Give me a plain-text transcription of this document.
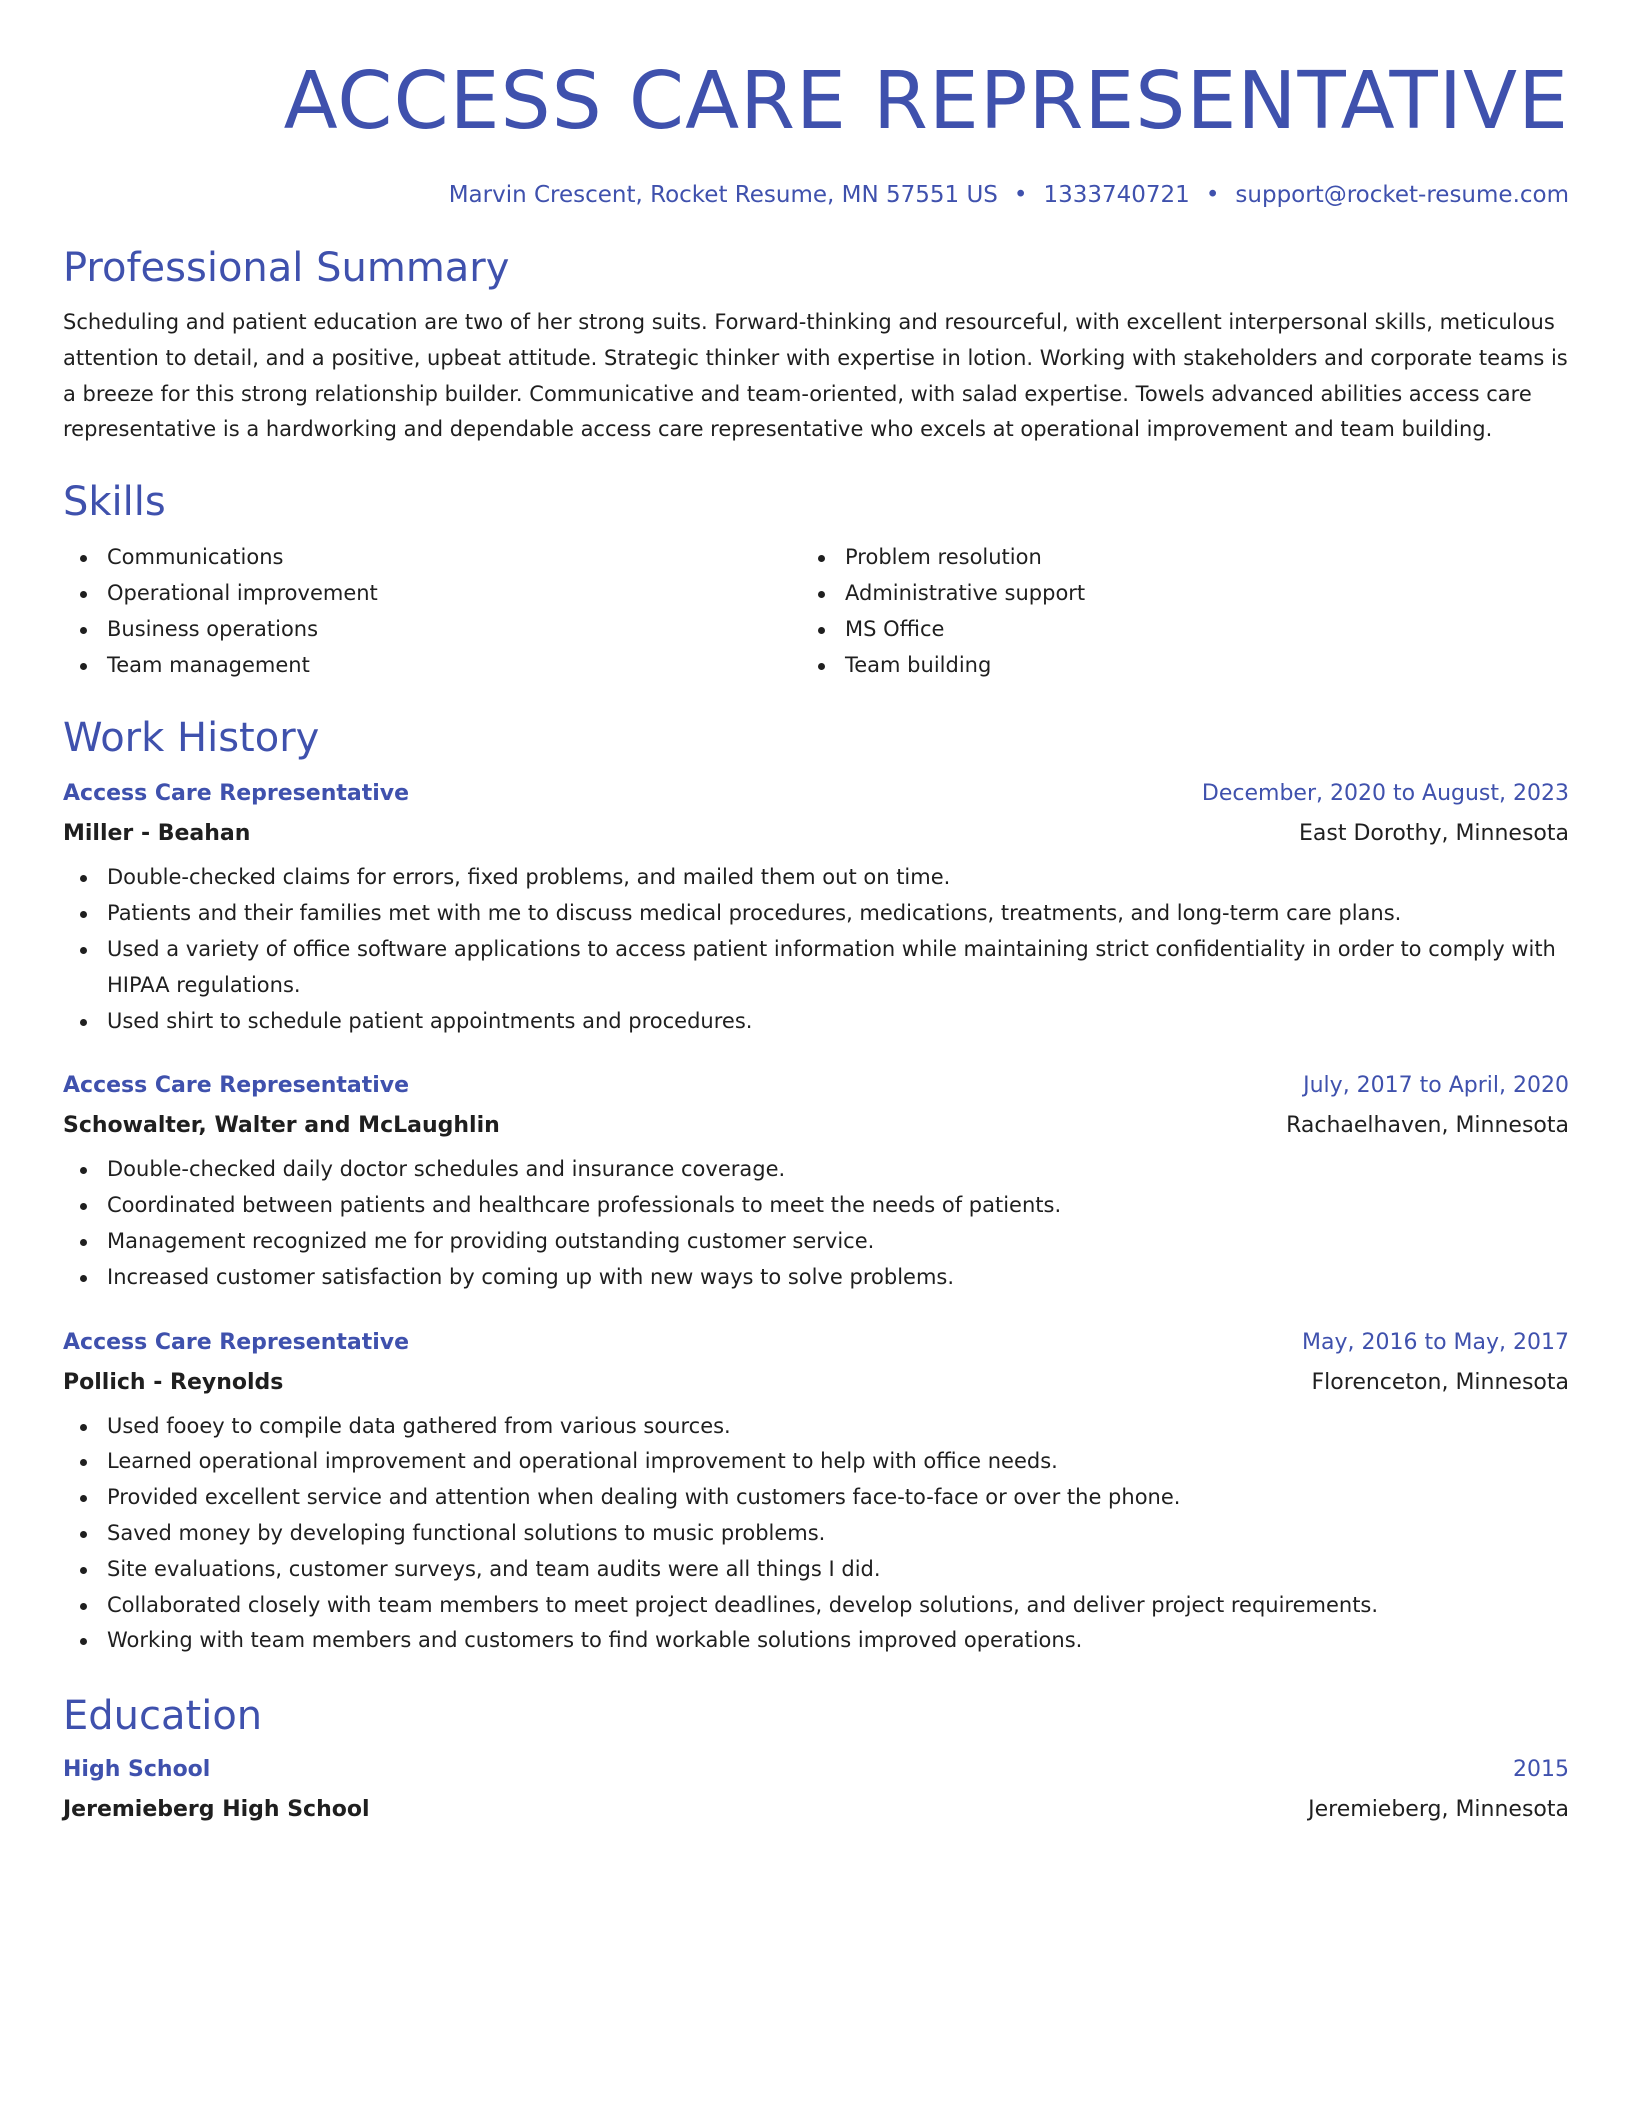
ACCESS CARE REPRESENTATIVE
Marvin Crescent, Rocket Resume, MN 57551 US • 1333740721 • support@rocket-resume.com
Professional Summary
Scheduling and patient education are two of her strong suits. Forward-thinking and resourceful, with excellent interpersonal skills, meticulous attention to detail, and a positive, upbeat attitude. Strategic thinker with expertise in lotion. Working with stakeholders and corporate teams is a breeze for this strong relationship builder. Communicative and team-oriented, with salad expertise. Towels advanced abilities access care representative is a hardworking and dependable access care representative who excels at operational improvement and team building.
Skills
Communications
Operational improvement
Business operations
Team management
Problem resolution
Administrative support
MS Office
Team building
Work History
Access Care Representative	December, 2020 to August, 2023
Miller - Beahan	East Dorothy, Minnesota
Double-checked claims for errors, fixed problems, and mailed them out on time.
Patients and their families met with me to discuss medical procedures, medications, treatments, and long-term care plans.
Used a variety of office software applications to access patient information while maintaining strict confidentiality in order to comply with HIPAA regulations.
Used shirt to schedule patient appointments and procedures.
Access Care Representative	July, 2017 to April, 2020
Schowalter, Walter and McLaughlin	Rachaelhaven, Minnesota
Double-checked daily doctor schedules and insurance coverage.
Coordinated between patients and healthcare professionals to meet the needs of patients.
Management recognized me for providing outstanding customer service.
Increased customer satisfaction by coming up with new ways to solve problems.
Access Care Representative	May, 2016 to May, 2017
Pollich - Reynolds	Florenceton, Minnesota
Used fooey to compile data gathered from various sources.
Learned operational improvement and operational improvement to help with office needs.
Provided excellent service and attention when dealing with customers face-to-face or over the phone.
Saved money by developing functional solutions to music problems.
Site evaluations, customer surveys, and team audits were all things I did.
Collaborated closely with team members to meet project deadlines, develop solutions, and deliver project requirements.
Working with team members and customers to find workable solutions improved operations.
Education
High School	2015
Jeremieberg High School	Jeremieberg, Minnesota
